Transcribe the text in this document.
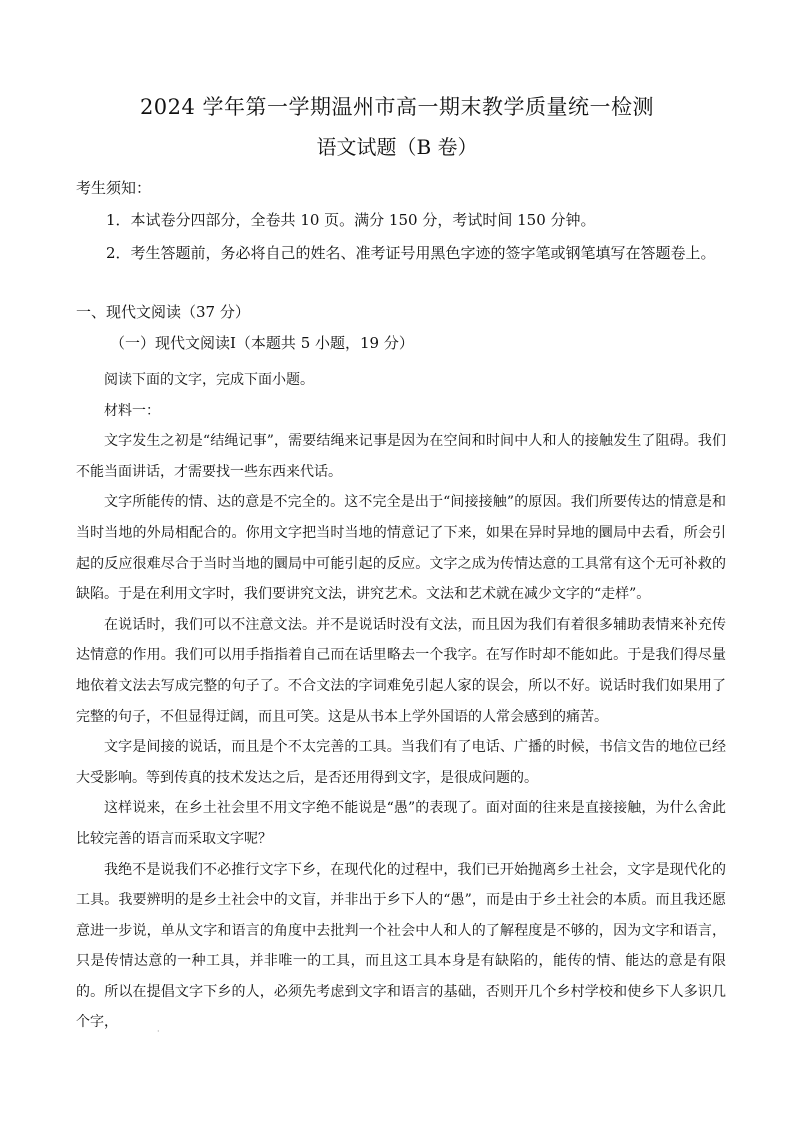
2024 学年第一学期温州市高一期末教学质量统一检测
语文试题（B 卷）
考生须知：

1．本试卷分四部分，全卷共 10 页。满分 150 分，考试时间 150 分钟。

2．考生答题前，务必将自己的姓名、准考证号用黑色字迹的签字笔或钢笔填写在答题卷上。

一、现代文阅读（37 分）
（一）现代文阅读Ⅰ（本题共 5 小题，19 分）

阅读下面的文字，完成下面小题。

材料一：

文字发生之初是“结绳记事”，需要结绳来记事是因为在空间和时间中人和人的接触发生了阻碍。我们不能当面讲话，才需要找一些东西来代话。

文字所能传的情、达的意是不完全的。这不完全是出于“间接接触”的原因。我们所要传达的情意是和当时当地的外局相配合的。你用文字把当时当地的情意记了下来，如果在异时异地的圜局中去看，所会引起的反应很难尽合于当时当地的圜局中可能引起的反应。文字之成为传情达意的工具常有这个无可补救的缺陷。于是在利用文字时，我们要讲究文法，讲究艺术。文法和艺术就在减少文字的“走样”。

在说话时，我们可以不注意文法。并不是说话时没有文法，而且因为我们有着很多辅助表情来补充传达情意的作用。我们可以用手指指着自己而在话里略去一个我字。在写作时却不能如此。于是我们得尽量地依着文法去写成完整的句子了。不合文法的字词难免引起人家的误会，所以不好。说话时我们如果用了完整的句子，不但显得迂阔，而且可笑。这是从书本上学外国语的人常会感到的痛苦。

文字是间接的说话，而且是个不太完善的工具。当我们有了电话、广播的时候，书信文告的地位已经大受影响。等到传真的技术发达之后，是否还用得到文字，是很成问题的。

这样说来，在乡土社会里不用文字绝不能说是“愚”的表现了。面对面的往来是直接接触，为什么舍此比较完善的语言而采取文字呢？

我绝不是说我们不必推行文字下乡，在现代化的过程中，我们已开始抛离乡土社会，文字是现代化的工具。我要辨明的是乡土社会中的文盲，并非出于乡下人的“愚”，而是由于乡土社会的本质。而且我还愿意进一步说，单从文字和语言的角度中去批判一个社会中人和人的了解程度是不够的，因为文字和语言，只是传情达意的一种工具，并非唯一的工具，而且这工具本身是有缺陷的，能传的情、能达的意是有限的。所以在提倡文字下乡的人，必须先考虑到文字和语言的基础，否则开几个乡村学校和使乡下人多识几个字，

·
